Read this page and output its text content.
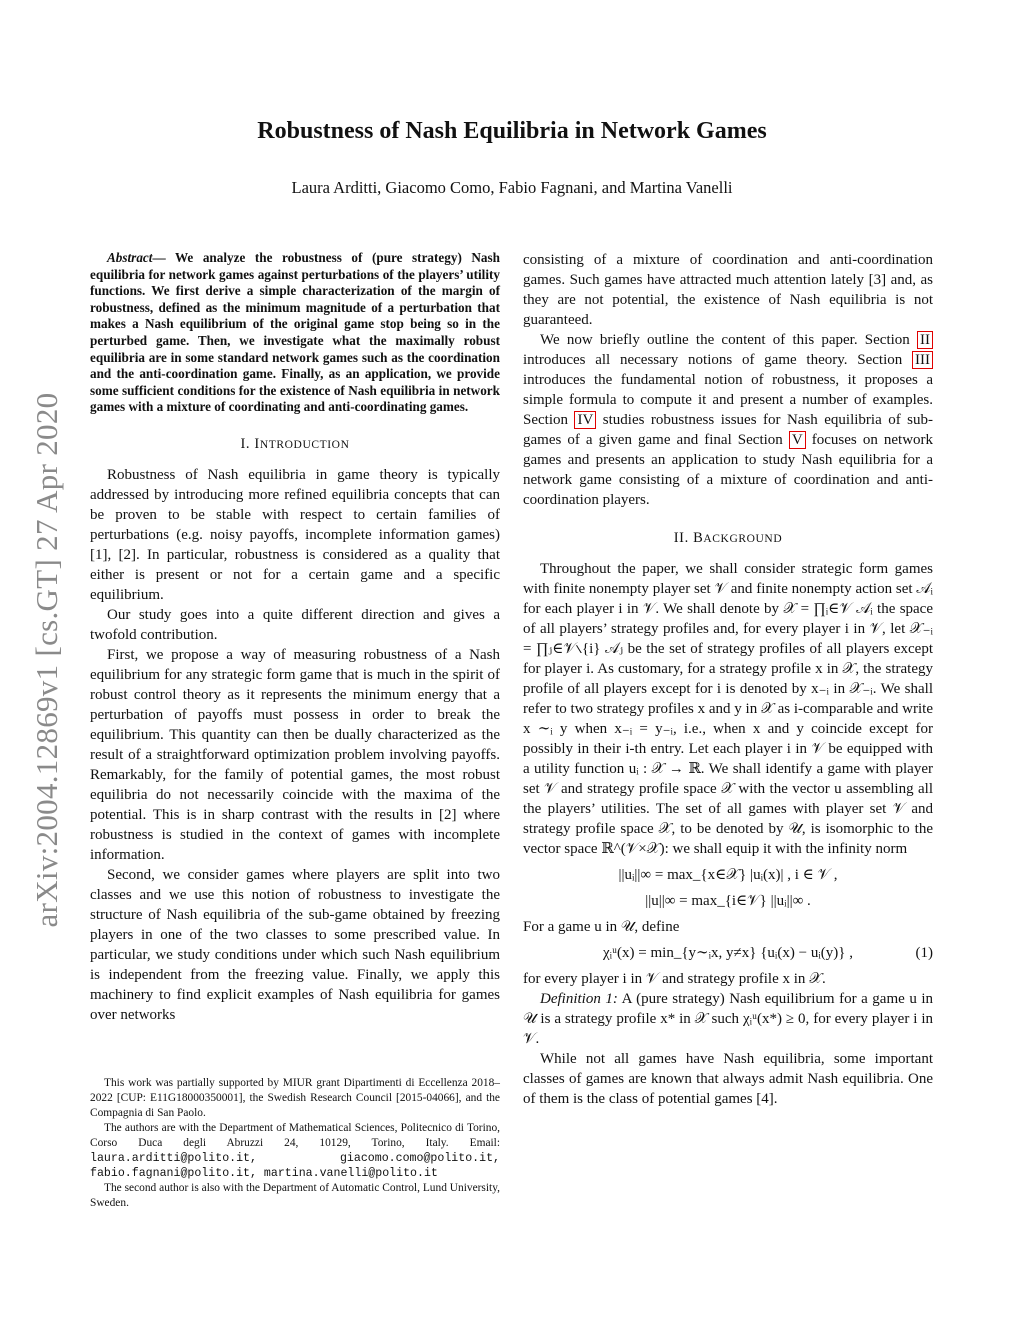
arXiv:2004.12869v1 [cs.GT] 27 Apr 2020
Robustness of Nash Equilibria in Network Games

Laura Arditti, Giacomo Como, Fabio Fagnani, and Martina Vanelli

Abstract— We analyze the robustness of (pure strategy) Nash equilibria for network games against perturbations of the players’ utility functions. We first derive a simple characterization of the margin of robustness, defined as the minimum magnitude of a perturbation that makes a Nash equilibrium of the original game stop being so in the perturbed game. Then, we investigate what the maximally robust equilibria are in some standard network games such as the coordination and the anti-coordination game. Finally, as an application, we provide some sufficient conditions for the existence of Nash equilibria in network games with a mixture of coordinating and anti-coordinating games.

I. INTRODUCTION

Robustness of Nash equilibria in game theory is typically addressed by introducing more refined equilibria concepts that can be proven to be stable with respect to certain families of perturbations (e.g. noisy payoffs, incomplete information games) [1], [2]. In particular, robustness is considered as a quality that either is present or not for a certain game and a specific equilibrium.

Our study goes into a quite different direction and gives a twofold contribution.

First, we propose a way of measuring robustness of a Nash equilibrium for any strategic form game that is much in the spirit of robust control theory as it represents the minimum energy that a perturbation of payoffs must possess in order to break the equilibrium. This quantity can then be dually characterized as the result of a straightforward optimization problem involving payoffs. Remarkably, for the family of potential games, the most robust equilibria do not necessarily coincide with the maxima of the potential. This is in sharp contrast with the results in [2] where robustness is studied in the context of games with incomplete information.

Second, we consider games where players are split into two classes and we use this notion of robustness to investigate the structure of Nash equilibria of the sub-game obtained by freezing players in one of the two classes to some prescribed value. In particular, we study conditions under which such Nash equilibrium is independent from the freezing value. Finally, we apply this machinery to find explicit examples of Nash equilibria for games over networks

This work was partially supported by MIUR grant Dipartimenti di Eccellenza 2018–2022 [CUP: E11G18000350001], the Swedish Research Council [2015-04066], and the Compagnia di San Paolo.

The authors are with the Department of Mathematical Sciences, Politecnico di Torino, Corso Duca degli Abruzzi 24, 10129, Torino, Italy. Email: laura.arditti@polito.it, giacomo.como@polito.it, fabio.fagnani@polito.it, martina.vanelli@polito.it

The second author is also with the Department of Automatic Control, Lund University, Sweden.

consisting of a mixture of coordination and anti-coordination games. Such games have attracted much attention lately [3] and, as they are not potential, the existence of Nash equilibria is not guaranteed.

We now briefly outline the content of this paper. Section II introduces all necessary notions of game theory. Section III introduces the fundamental notion of robustness, it proposes a simple formula to compute it and present a number of examples. Section IV studies robustness issues for Nash equilibria of sub-games of a given game and final Section V focuses on network games and presents an application to study Nash equilibria for a network game consisting of a mixture of coordination and anti-coordination players.

II. BACKGROUND

Throughout the paper, we shall consider strategic form games with finite nonempty player set 𝒱 and finite nonempty action set 𝒜ᵢ for each player i in 𝒱. We shall denote by 𝒳 = ∏ᵢ∈𝒱 𝒜ᵢ the space of all players’ strategy profiles and, for every player i in 𝒱, let 𝒳₋ᵢ = ∏ⱼ∈𝒱∖{i} 𝒜ⱼ be the set of strategy profiles of all players except for player i. As customary, for a strategy profile x in 𝒳, the strategy profile of all players except for i is denoted by x₋ᵢ in 𝒳₋ᵢ. We shall refer to two strategy profiles x and y in 𝒳 as i-comparable and write x ∼ᵢ y when x₋ᵢ = y₋ᵢ, i.e., when x and y coincide except for possibly in their i-th entry. Let each player i in 𝒱 be equipped with a utility function uᵢ : 𝒳 → ℝ. We shall identify a game with player set 𝒱 and strategy profile space 𝒳 with the vector u assembling all the players’ utilities. The set of all games with player set 𝒱 and strategy profile space 𝒳, to be denoted by 𝒰, is isomorphic to the vector space ℝ^(𝒱×𝒳): we shall equip it with the infinity norm

||uᵢ||∞ = max_{x∈𝒳} |uᵢ(x)| , i ∈ 𝒱 ,
||u||∞ = max_{i∈𝒱} ||uᵢ||∞ .

For a game u in 𝒰, define

χᵢᵘ(x) = min_{y∼ᵢx, y≠x} {uᵢ(x) − uᵢ(y)} ,	(1)

for every player i in 𝒱 and strategy profile x in 𝒳.

Definition 1: A (pure strategy) Nash equilibrium for a game u in 𝒰 is a strategy profile x* in 𝒳 such χᵢᵘ(x*) ≥ 0, for every player i in 𝒱.

While not all games have Nash equilibria, some important classes of games are known that always admit Nash equilibria. One of them is the class of potential games [4].
